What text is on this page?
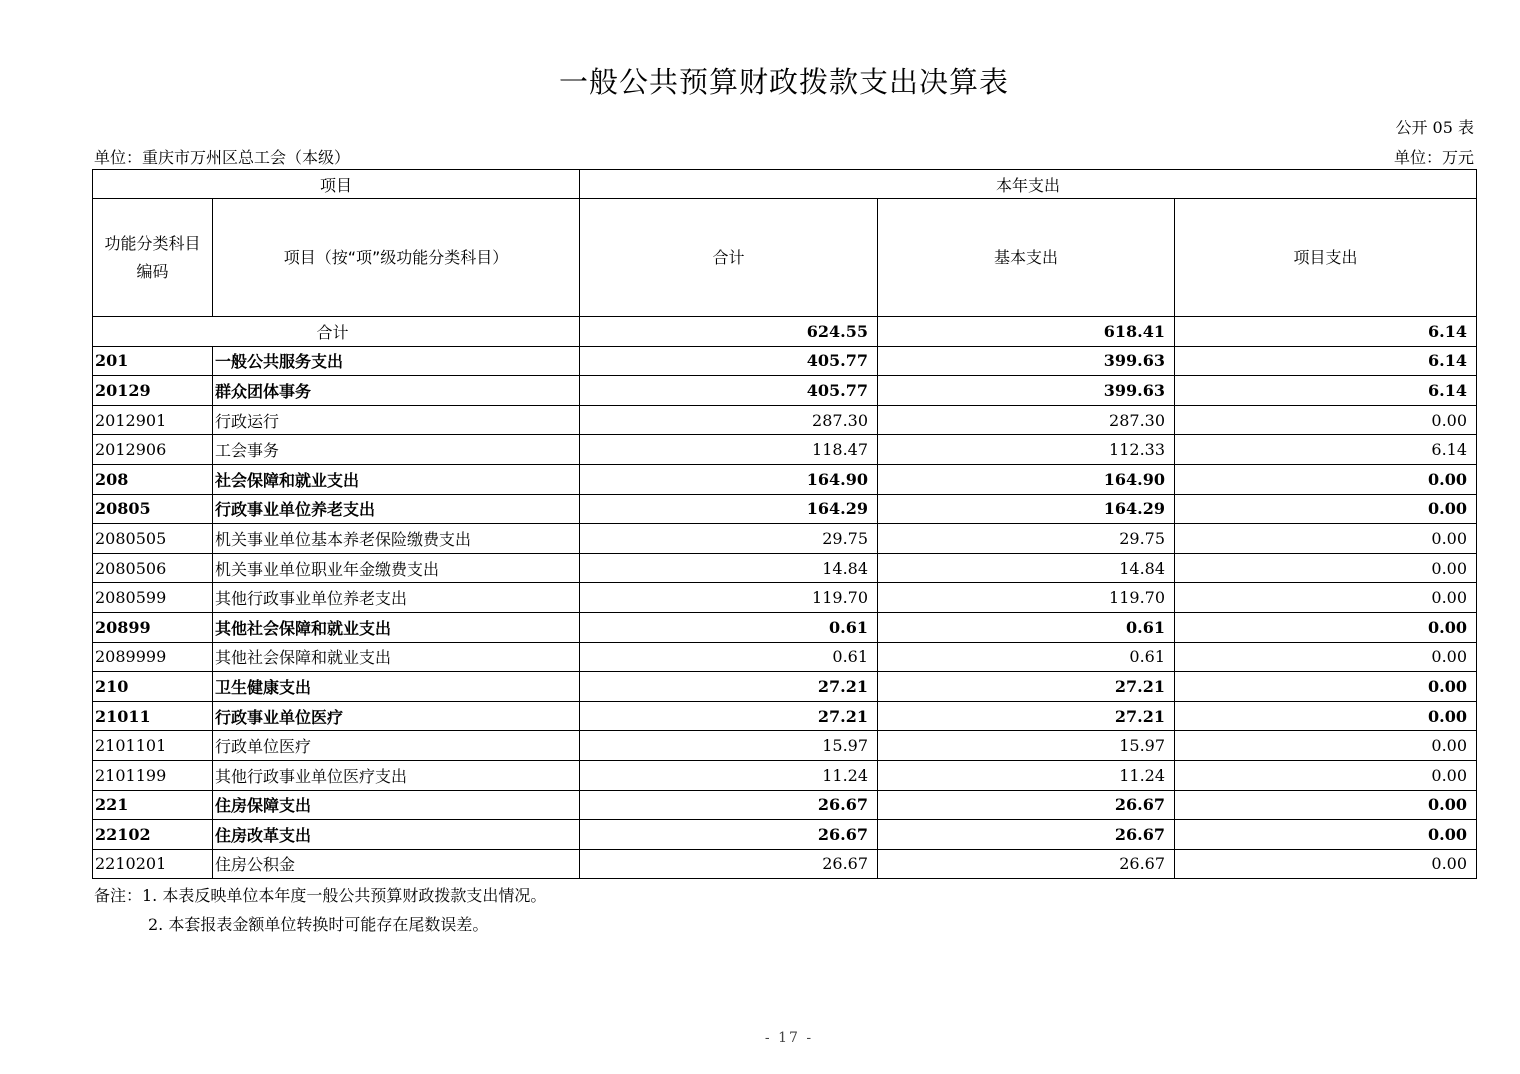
一般公共预算财政拨款支出决算表
公开 05 表
单位：重庆市万州区总工会（本级）	单位：万元
项目		本年支出		
功能分类科目编码	项目（按“项”级功能分类科目）	合计	基本支出	项目支出
合计		624.55	618.41	6.14
201	一般公共服务支出	405.77	399.63	6.14
20129	群众团体事务	405.77	399.63	6.14
2012901	行政运行	287.30	287.30	0.00
2012906	工会事务	118.47	112.33	6.14
208	社会保障和就业支出	164.90	164.90	0.00
20805	行政事业单位养老支出	164.29	164.29	0.00
2080505	机关事业单位基本养老保险缴费支出	29.75	29.75	0.00
2080506	机关事业单位职业年金缴费支出	14.84	14.84	0.00
2080599	其他行政事业单位养老支出	119.70	119.70	0.00
20899	其他社会保障和就业支出	0.61	0.61	0.00
2089999	其他社会保障和就业支出	0.61	0.61	0.00
210	卫生健康支出	27.21	27.21	0.00
21011	行政事业单位医疗	27.21	27.21	0.00
2101101	行政单位医疗	15.97	15.97	0.00
2101199	其他行政事业单位医疗支出	11.24	11.24	0.00
221	住房保障支出	26.67	26.67	0.00
22102	住房改革支出	26.67	26.67	0.00
2210201	住房公积金	26.67	26.67	0.00
备注：1. 本表反映单位本年度一般公共预算财政拨款支出情况。
2. 本套报表金额单位转换时可能存在尾数误差。
- 17 -
